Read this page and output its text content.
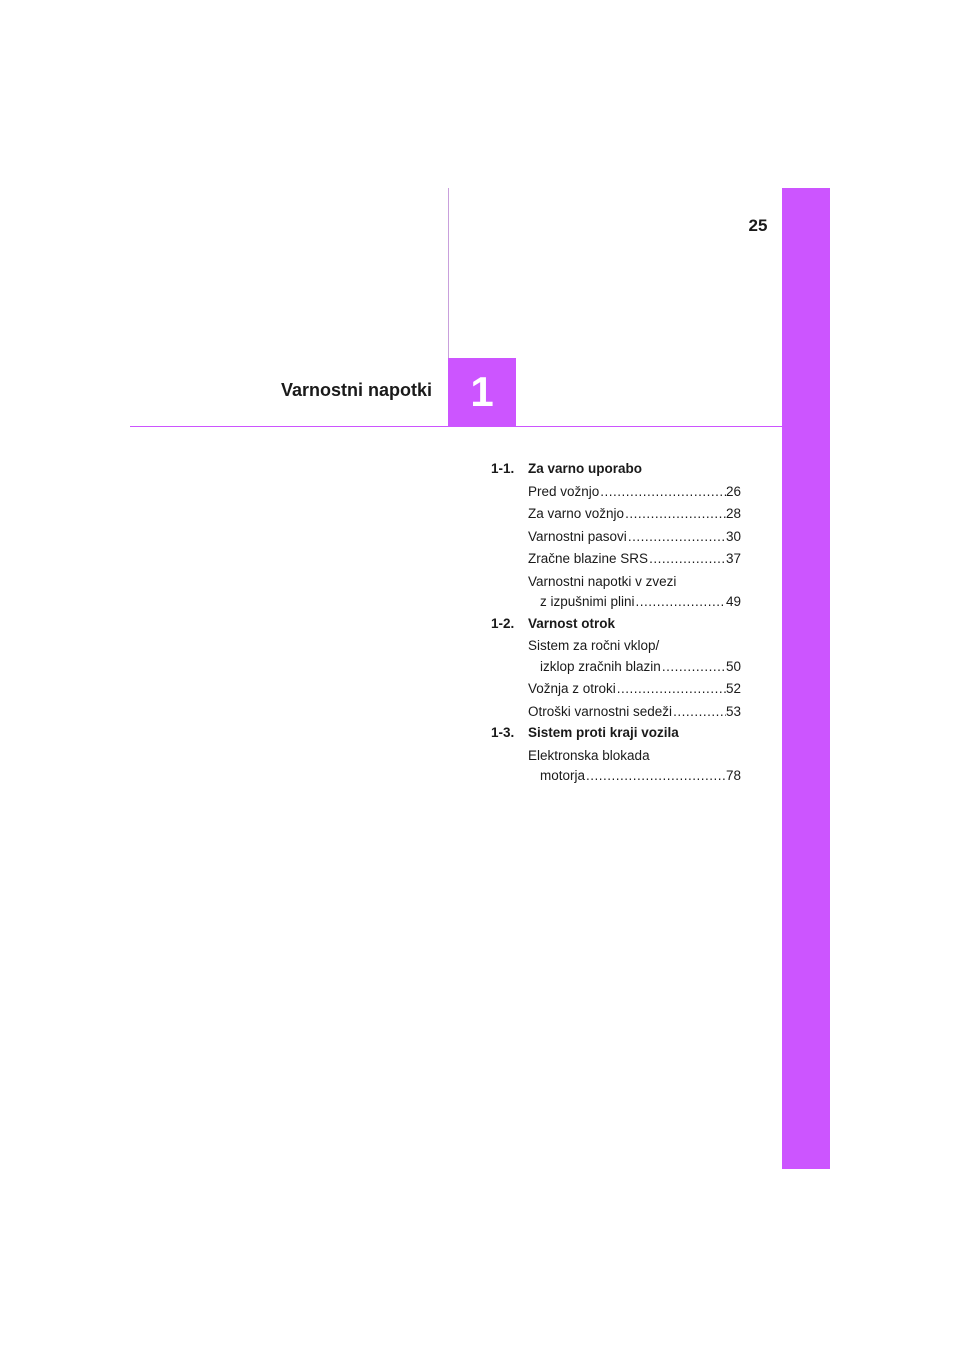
25
Varnostni napotki 1
1-1.	Za varno uporabo
Pred vožnjo .....	26
Za varno vožnjo .....	28
Varnostni pasovi .....	30
Zračne blazine SRS .....	37
Varnostni napotki v zvezi
z izpušnimi plini .....	49
1-2.	Varnost otrok
Sistem za ročni vklop/
izklop zračnih blazin .....	50
Vožnja z otroki .....	52
Otroški varnostni sedeži .....	53
1-3.	Sistem proti kraji vozila
Elektronska blokada
motorja .....	78
